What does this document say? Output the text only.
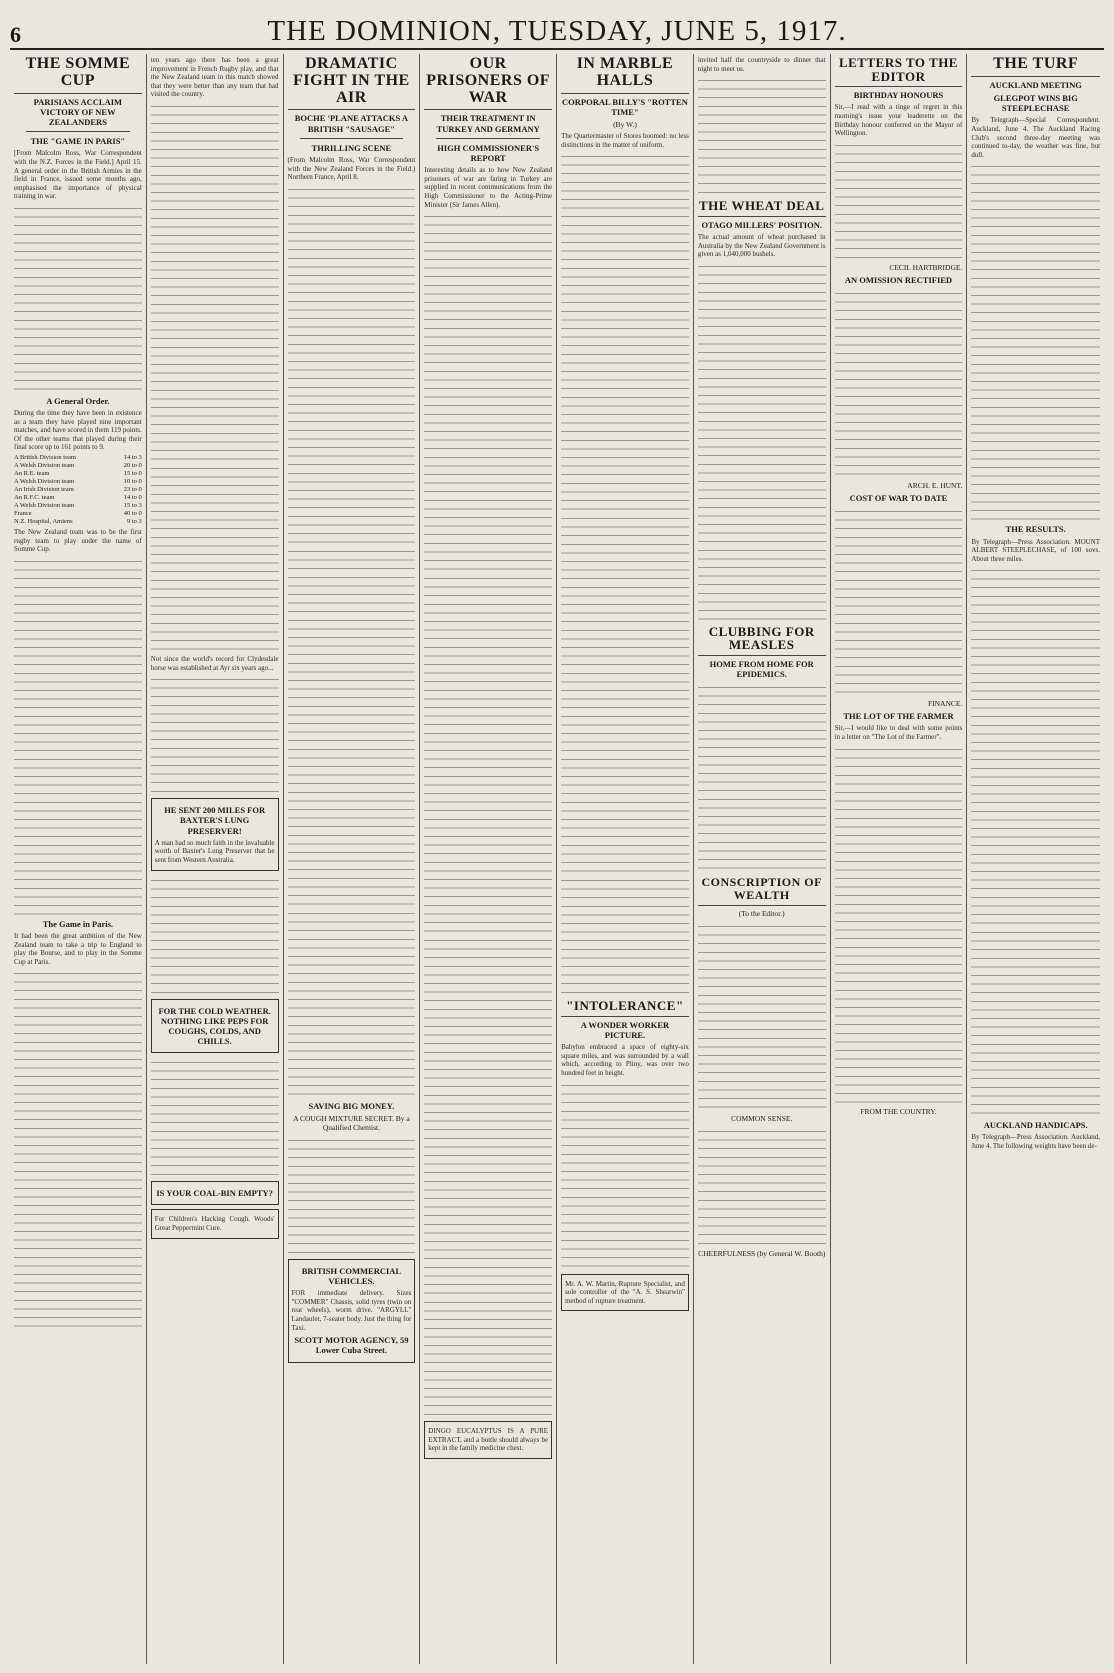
6	THE DOMINION, TUESDAY, JUNE 5, 1917.
THE SOMME CUP
PARISIANS ACCLAIM VICTORY OF NEW ZEALANDERS
THE "GAME IN PARIS"
[From Malcolm Ross, War Correspondent with the N.Z. Forces in the Field.] April 15. A general order in the British Armies in the field in France, issued some months ago, emphasised the importance of physical training in war.
A General Order.
During the time they have been in existence as a team they have played nine important matches, and have scored in them 119 points. Of the other teams that played during their final score up to 161 points to 9.
A British Division team	14 to 3
A Welsh Division team	20 to 0
An R.E. team	15 to 0
A Welsh Division team	10 to 0
An Irish Division team	23 to 0
An R.F.C. team	14 to 0
A Welsh Division team	15 to 3
France	40 to 0
N.Z. Hospital, Amiens	9 to 3
The New Zealand team was to be the first rugby team to play under the name of Somme Cup.
The Game in Paris.
It had been the great ambition of the New Zealand team to take a trip to England to play the Bourse, and to play in the Somme Cup at Paris.
ten years ago there has been a great improvement in French Rugby play, and that the New Zealand team in this match showed that they were better than any team that had visited the country.
Not since the world's record for Clydesdale horse was established at Ayr six years ago...
HE SENT 200 MILES FOR BAXTER'S LUNG PRESERVER!
A man had so much faith in the invaluable worth of Baxter's Lung Preserver that he sent from Western Australia.
FOR THE COLD WEATHER. NOTHING LIKE PEPS FOR COUGHS, COLDS, AND CHILLS.
IS YOUR COAL-BIN EMPTY?
For Children's Hacking Cough. Woods' Great Peppermint Cure.
DRAMATIC FIGHT IN THE AIR
BOCHE 'PLANE ATTACKS A BRITISH "SAUSAGE"
THRILLING SCENE
(From Malcolm Ross, War Correspondent with the New Zealand Forces in the Field.) Northern France, April 8.
SAVING BIG MONEY.
A COUGH MIXTURE SECRET. By a Qualified Chemist.
BRITISH COMMERCIAL VEHICLES.
FOR immediate delivery. Sizes "COMMER" Chassis, solid tyres (twin on rear wheels), worm drive. "ARGYLL" Landaulet, 7-seater body. Just the thing for Taxi.
SCOTT MOTOR AGENCY, 59 Lower Cuba Street.
OUR PRISONERS OF WAR
THEIR TREATMENT IN TURKEY AND GERMANY
HIGH COMMISSIONER'S REPORT
Interesting details as to how New Zealand prisoners of war are faring in Turkey are supplied in recent communications from the High Commissioner to the Acting-Prime Minister (Sir James Allen).
DINGO EUCALYPTUS IS A PURE EXTRACT, and a bottle should always be kept in the family medicine chest.
IN MARBLE HALLS
CORPORAL BILLY'S "ROTTEN TIME"
(By W.)
The Quartermaster of Stores boomed: no less distinctions in the matter of uniform.
"INTOLERANCE"
A WONDER WORKER PICTURE.
Babylon embraced a space of eighty-six square miles, and was surrounded by a wall which, according to Pliny, was over two hundred feet in height.
Mr. A. W. Martin, Rupture Specialist, and sole controller of the "A. S. Shearwin" method of rupture treatment.
invited half the countryside to dinner that night to meet us.
THE WHEAT DEAL
OTAGO MILLERS' POSITION.
The actual amount of wheat purchased in Australia by the New Zealand Government is given as 1,040,000 bushels.
CLUBBING FOR MEASLES
HOME FROM HOME FOR EPIDEMICS.
CONSCRIPTION OF WEALTH
(To the Editor.)
COMMON SENSE.
CHEERFULNESS (by General W. Booth)
LETTERS TO THE EDITOR
BIRTHDAY HONOURS
Sir,—I read with a tinge of regret in this morning's issue your leaderette on the Birthday honour conferred on the Mayor of Wellington.
CECIL HARTBRIDGE.
AN OMISSION RECTIFIED
ARCH. E. HUNT.
COST OF WAR TO DATE
FINANCE.
THE LOT OF THE FARMER
Sir,—I would like to deal with some points in a letter on "The Lot of the Farmer".
FROM THE COUNTRY.
THE TURF
AUCKLAND MEETING
GLEGPOT WINS BIG STEEPLECHASE
By Telegraph—Special Correspondent. Auckland, June 4. The Auckland Racing Club's second three-day meeting was continued to-day, the weather was fine, but dull.
THE RESULTS.
By Telegraph—Press Association. MOUNT ALBERT STEEPLECHASE, of 100 sovs. About three miles.
AUCKLAND HANDICAPS.
By Telegraph—Press Association. Auckland, June 4. The following weights have been de-
